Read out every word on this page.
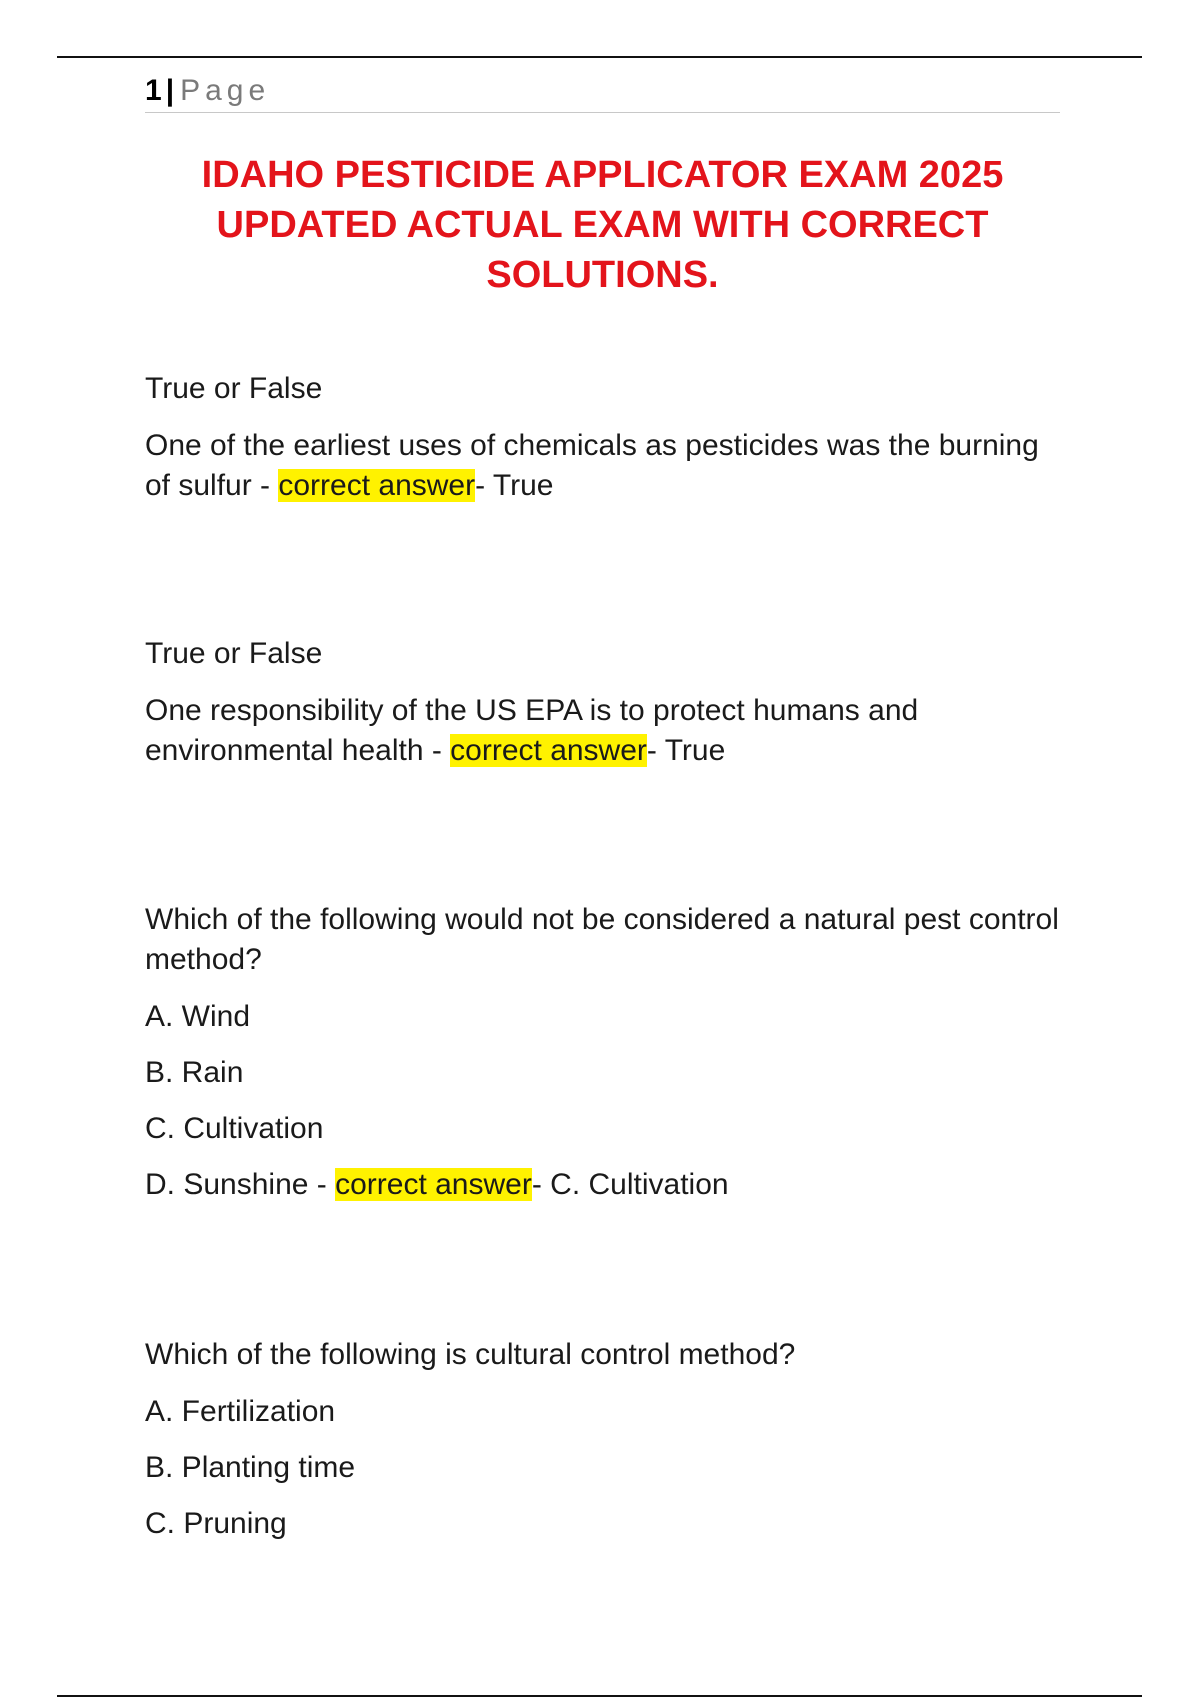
1 | Page
IDAHO PESTICIDE APPLICATOR EXAM 2025
UPDATED ACTUAL EXAM WITH CORRECT
SOLUTIONS.

True or False

One of the earliest uses of chemicals as pesticides was the burning of sulfur - correct answer- True

True or False

One responsibility of the US EPA is to protect humans and environmental health - correct answer- True

Which of the following would not be considered a natural pest control method?

A. Wind

B. Rain

C. Cultivation

D. Sunshine - correct answer- C. Cultivation

Which of the following is cultural control method?

A. Fertilization

B. Planting time

C. Pruning
